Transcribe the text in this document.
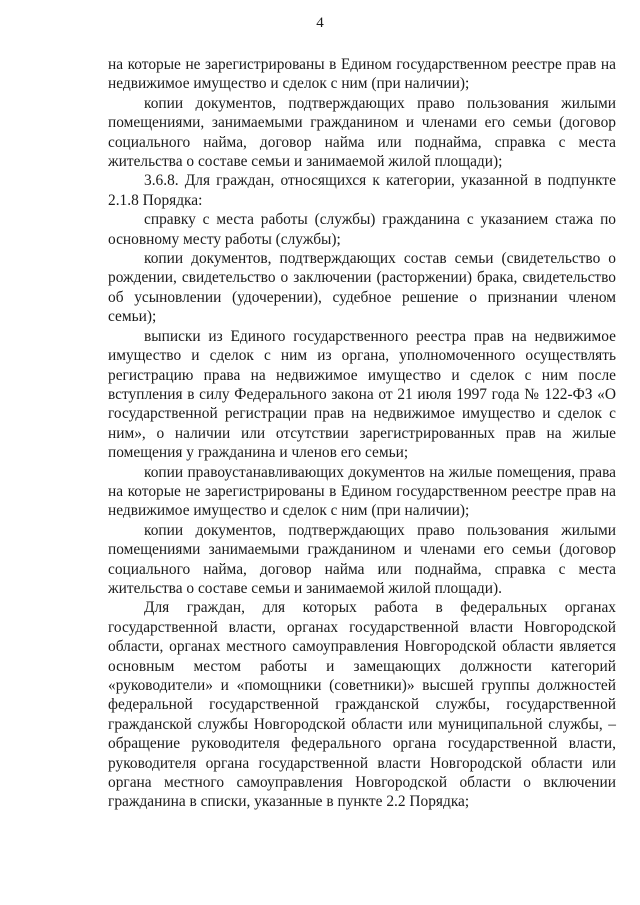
4

на которые не зарегистрированы в Едином государственном реестре прав на недвижимое имущество и сделок с ним (при наличии);

копии документов, подтверждающих право пользования жилыми помещениями, занимаемыми гражданином и членами его семьи (договор социального найма, договор найма или поднайма, справка с места жительства о составе семьи и занимаемой жилой площади);

3.6.8. Для граждан, относящихся к категории, указанной в подпункте 2.1.8 Порядка:

справку с места работы (службы) гражданина с указанием стажа по основному месту работы (службы);

копии документов, подтверждающих состав семьи (свидетельство о рождении, свидетельство о заключении (расторжении) брака, свидетельство об усыновлении (удочерении), судебное решение о признании членом семьи);

выписки из Единого государственного реестра прав на недвижимое имущество и сделок с ним из органа, уполномоченного осуществлять регистрацию права на недвижимое имущество и сделок с ним после вступления в силу Федерального закона от 21 июля 1997 года № 122-ФЗ «О государственной регистрации прав на недвижимое имущество и сделок с ним», о наличии или отсутствии зарегистрированных прав на жилые помещения у гражданина и членов его семьи;

копии правоустанавливающих документов на жилые помещения, права на которые не зарегистрированы в Едином государственном реестре прав на недвижимое имущество и сделок с ним (при наличии);

копии документов, подтверждающих право пользования жилыми помещениями занимаемыми гражданином и членами его семьи (договор социального найма, договор найма или поднайма, справка с места жительства о составе семьи и занимаемой жилой площади).

Для граждан, для которых работа в федеральных органах государственной власти, органах государственной власти Новгородской области, органах местного самоуправления Новгородской области является основным местом работы и замещающих должности категорий «руководители» и «помощники (советники)» высшей группы должностей федеральной государственной гражданской службы, государственной гражданской службы Новгородской области или муниципальной службы, – обращение руководителя федерального органа государственной власти, руководителя органа государственной власти Новгородской области или органа местного самоуправления Новгородской области о включении гражданина в списки, указанные в пункте 2.2 Порядка;
